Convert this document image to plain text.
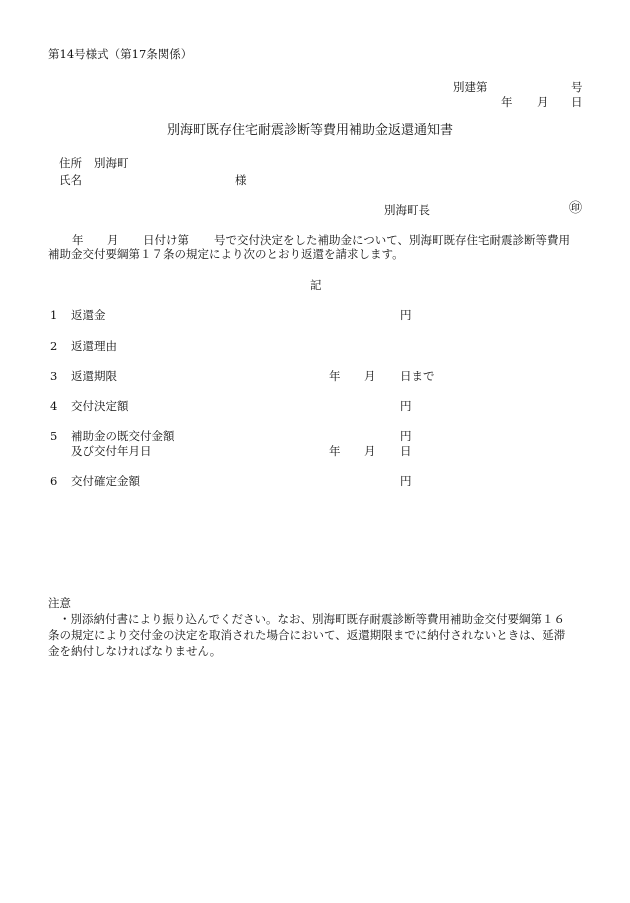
第14号様式（第17条関係）
別建第	号
年 月 日
別海町既存住宅耐震診断等費用補助金返還通知書
住所 別海町
氏名	様
別海町長	㊞
年 月 日付け第 号で交付決定をした補助金について、別海町既存住宅耐震診断等費用
補助金交付要綱第１７条の規定により次のとおり返還を請求します。
記
1 返還金	円
2 返還理由
3 返還期限	年 月 日まで
4 交付決定額	円
5 補助金の既交付金額	円
及び交付年月日	年 月 日
6 交付確定金額	円
注意
・別添納付書により振り込んでください。なお、別海町既存耐震診断等費用補助金交付要綱第１６
条の規定により交付金の決定を取消された場合において、返還期限までに納付されないときは、延滞
金を納付しなければなりません。
